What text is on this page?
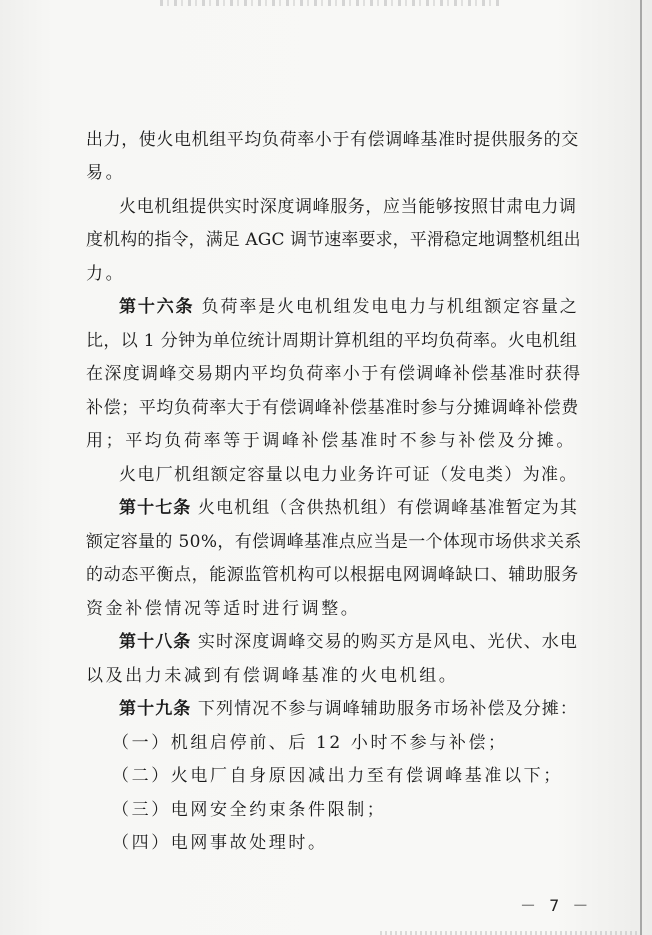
出力，使火电机组平均负荷率小于有偿调峰基准时提供服务的交
易。
火电机组提供实时深度调峰服务，应当能够按照甘肃电力调
度机构的指令，满足 AGC 调节速率要求，平滑稳定地调整机组出
力。
第十六条 负荷率是火电机组发电电力与机组额定容量之
比，以 1 分钟为单位统计周期计算机组的平均负荷率。火电机组
在深度调峰交易期内平均负荷率小于有偿调峰补偿基准时获得
补偿；平均负荷率大于有偿调峰补偿基准时参与分摊调峰补偿费
用；平均负荷率等于调峰补偿基准时不参与补偿及分摊。
火电厂机组额定容量以电力业务许可证（发电类）为准。
第十七条 火电机组（含供热机组）有偿调峰基准暂定为其
额定容量的 50%，有偿调峰基准点应当是一个体现市场供求关系
的动态平衡点，能源监管机构可以根据电网调峰缺口、辅助服务
资金补偿情况等适时进行调整。
第十八条 实时深度调峰交易的购买方是风电、光伏、水电
以及出力未减到有偿调峰基准的火电机组。
第十九条 下列情况不参与调峰辅助服务市场补偿及分摊：
（一）机组启停前、后 12 小时不参与补偿；
（二）火电厂自身原因减出力至有偿调峰基准以下；
（三）电网安全约束条件限制；
（四）电网事故处理时。
－ 7 －
